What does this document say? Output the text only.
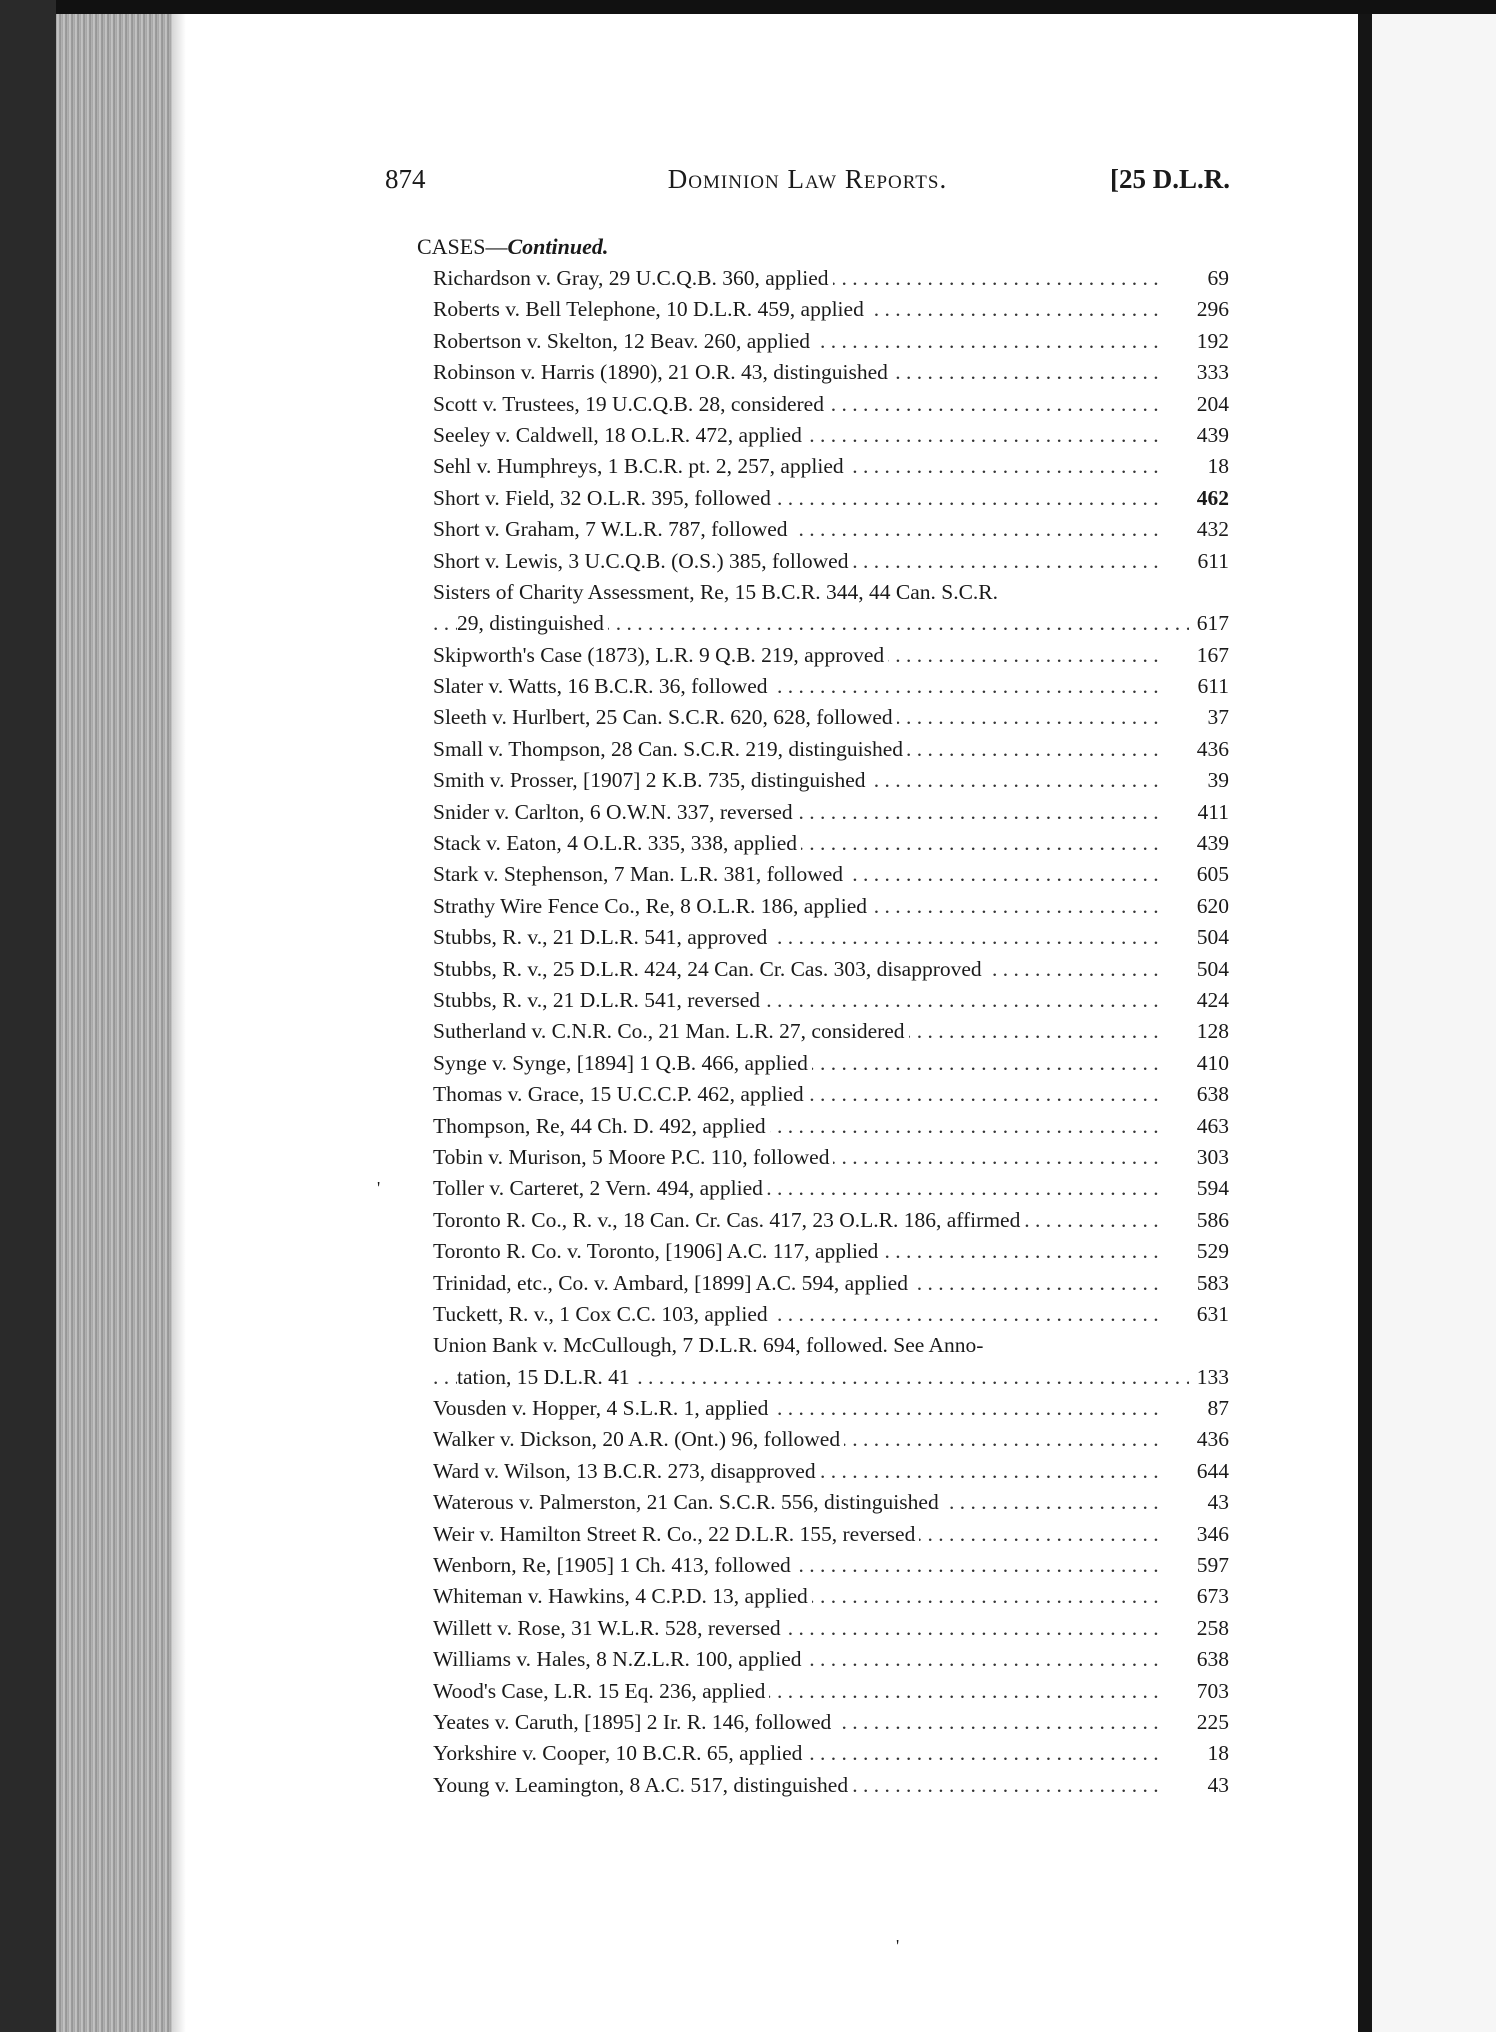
874	Dominion Law Reports.	[25 D.L.R.
CASES—Continued.
Richardson v. Gray, 29 U.C.Q.B. 360, applied . . .	69
Roberts v. Bell Telephone, 10 D.L.R. 459, applied . . .	296
Robertson v. Skelton, 12 Beav. 260, applied . . .	192
Robinson v. Harris (1890), 21 O.R. 43, distinguished . . .	333
Scott v. Trustees, 19 U.C.Q.B. 28, considered . . .	204
Seeley v. Caldwell, 18 O.L.R. 472, applied . . .	439
Sehl v. Humphreys, 1 B.C.R. pt. 2, 257, applied . . .	18
Short v. Field, 32 O.L.R. 395, followed . . .	462
Short v. Graham, 7 W.L.R. 787, followed . . .	432
Short v. Lewis, 3 U.C.Q.B. (O.S.) 385, followed . . .	611
Sisters of Charity Assessment, Re, 15 B.C.R. 344, 44 Can. S.C.R.
29, distinguished . . .	617
Skipworth's Case (1873), L.R. 9 Q.B. 219, approved . . .	167
Slater v. Watts, 16 B.C.R. 36, followed . . .	611
Sleeth v. Hurlbert, 25 Can. S.C.R. 620, 628, followed . . .	37
Small v. Thompson, 28 Can. S.C.R. 219, distinguished . . .	436
Smith v. Prosser, [1907] 2 K.B. 735, distinguished . . .	39
Snider v. Carlton, 6 O.W.N. 337, reversed . . .	411
Stack v. Eaton, 4 O.L.R. 335, 338, applied . . .	439
Stark v. Stephenson, 7 Man. L.R. 381, followed . . .	605
Strathy Wire Fence Co., Re, 8 O.L.R. 186, applied . . .	620
Stubbs, R. v., 21 D.L.R. 541, approved . . .	504
Stubbs, R. v., 25 D.L.R. 424, 24 Can. Cr. Cas. 303, disapproved . . .	504
Stubbs, R. v., 21 D.L.R. 541, reversed . . .	424
Sutherland v. C.N.R. Co., 21 Man. L.R. 27, considered . . .	128
Synge v. Synge, [1894] 1 Q.B. 466, applied . . .	410
Thomas v. Grace, 15 U.C.C.P. 462, applied . . .	638
Thompson, Re, 44 Ch. D. 492, applied . . .	463
Tobin v. Murison, 5 Moore P.C. 110, followed . . .	303
Toller v. Carteret, 2 Vern. 494, applied . . .	594
Toronto R. Co., R. v., 18 Can. Cr. Cas. 417, 23 O.L.R. 186, affirmed . . .	586
Toronto R. Co. v. Toronto, [1906] A.C. 117, applied . . .	529
Trinidad, etc., Co. v. Ambard, [1899] A.C. 594, applied . . .	583
Tuckett, R. v., 1 Cox C.C. 103, applied . . .	631
Union Bank v. McCullough, 7 D.L.R. 694, followed. See Anno-
tation, 15 D.L.R. 41 . . .	133
Vousden v. Hopper, 4 S.L.R. 1, applied . . .	87
Walker v. Dickson, 20 A.R. (Ont.) 96, followed . . .	436
Ward v. Wilson, 13 B.C.R. 273, disapproved . . .	644
Waterous v. Palmerston, 21 Can. S.C.R. 556, distinguished . . .	43
Weir v. Hamilton Street R. Co., 22 D.L.R. 155, reversed . . .	346
Wenborn, Re, [1905] 1 Ch. 413, followed . . .	597
Whiteman v. Hawkins, 4 C.P.D. 13, applied . . .	673
Willett v. Rose, 31 W.L.R. 528, reversed . . .	258
Williams v. Hales, 8 N.Z.L.R. 100, applied . . .	638
Wood's Case, L.R. 15 Eq. 236, applied . . .	703
Yeates v. Caruth, [1895] 2 Ir. R. 146, followed . . .	225
Yorkshire v. Cooper, 10 B.C.R. 65, applied . . .	18
Young v. Leamington, 8 A.C. 517, distinguished . . .	43
'
'
